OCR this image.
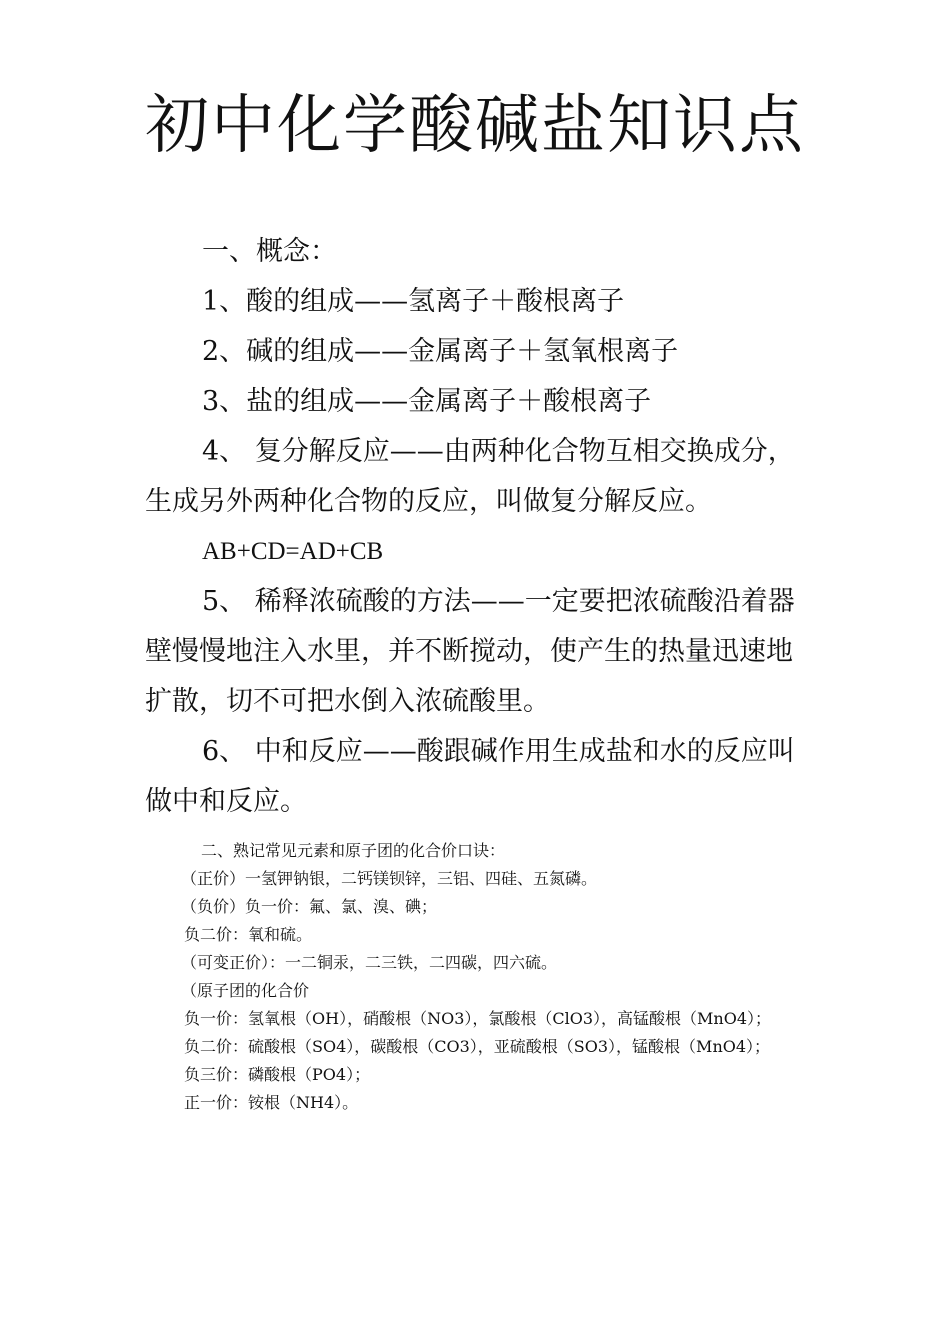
初中化学酸碱盐知识点
一、概念：
1、酸的组成——氢离子＋酸根离子
2、碱的组成——金属离子＋氢氧根离子
3、盐的组成——金属离子＋酸根离子
4、 复分解反应——由两种化合物互相交换成分，生成另外两种化合物的反应，叫做复分解反应。
AB+CD=AD+CB
5、 稀释浓硫酸的方法——一定要把浓硫酸沿着器壁慢慢地注入水里，并不断搅动，使产生的热量迅速地扩散，切不可把水倒入浓硫酸里。
6、 中和反应——酸跟碱作用生成盐和水的反应叫做中和反应。
二、熟记常见元素和原子团的化合价口诀：
（正价）一氢钾钠银，二钙镁钡锌，三铝、四硅、五氮磷。
（负价）负一价：氟、氯、溴、碘；
负二价：氧和硫。
（可变正价）：一二铜汞，二三铁，二四碳，四六硫。
（原子团的化合价
负一价：氢氧根（OH），硝酸根（NO3），氯酸根（ClO3），高锰酸根（MnO4）；
负二价：硫酸根（SO4），碳酸根（CO3），亚硫酸根（SO3），锰酸根（MnO4）；
负三价：磷酸根（PO4）；
正一价：铵根（NH4）。
